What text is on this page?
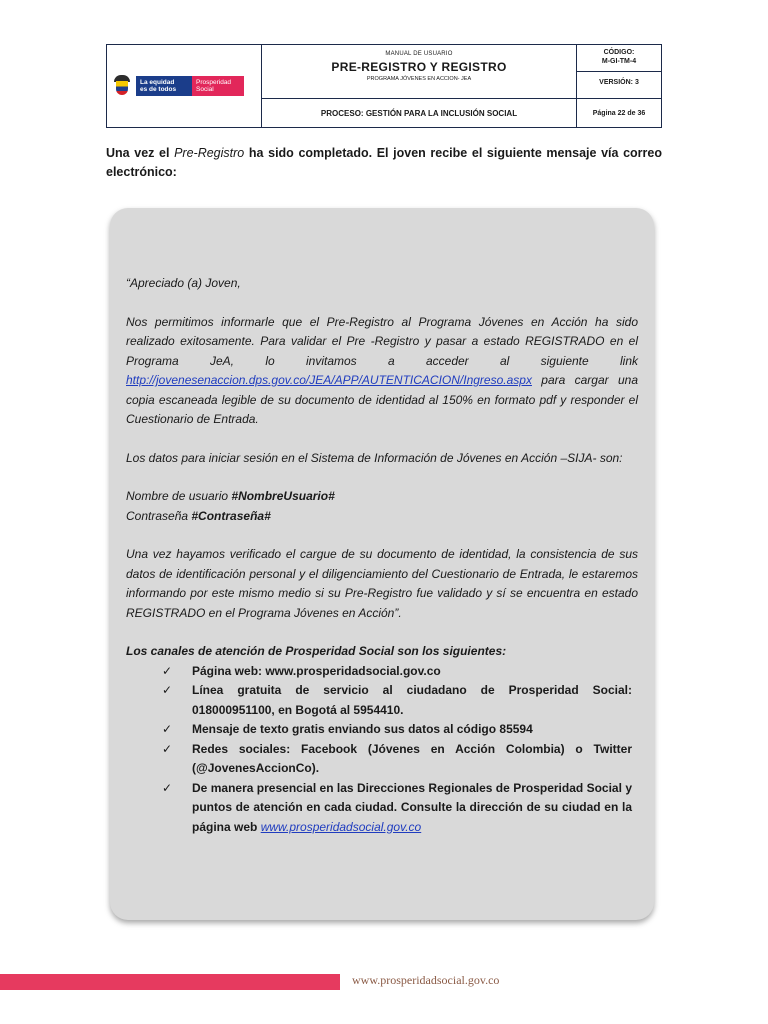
La equidad
es de todos
Prosperidad
Social
MANUAL DE USUARIO
PRE-REGISTRO Y REGISTRO
PROGRAMA JÓVENES EN ACCION- JEA
CÓDIGO:
M-GI-TM-4
VERSIÓN: 3
PROCESO: GESTIÓN PARA LA INCLUSIÓN SOCIAL	Página 22 de 36
Una vez el Pre-Registro ha sido completado. El joven recibe el siguiente mensaje vía correo electrónico:

“Apreciado (a) Joven,

Nos permitimos informarle que el Pre-Registro al Programa Jóvenes en Acción ha sido realizado exitosamente. Para validar el Pre -Registro y pasar a estado REGISTRADO en el Programa JeA, lo invitamos a acceder al siguiente link http://jovenesenaccion.dps.gov.co/JEA/APP/AUTENTICACION/Ingreso.aspx para cargar una copia escaneada legible de su documento de identidad al 150% en formato pdf y responder el Cuestionario de Entrada.

Los datos para iniciar sesión en el Sistema de Información de Jóvenes en Acción –SIJA- son:

Nombre de usuario #NombreUsuario#

Contraseña #Contraseña#

Una vez hayamos verificado el cargue de su documento de identidad, la consistencia de sus datos de identificación personal y el diligenciamiento del Cuestionario de Entrada, le estaremos informando por este mismo medio si su Pre-Registro fue validado y sí se encuentra en estado REGISTRADO en el Programa Jóvenes en Acción”.

Los canales de atención de Prosperidad Social son los siguientes:

✓ Página web: www.prosperidadsocial.gov.co
✓ Línea gratuita de servicio al ciudadano de Prosperidad Social: 018000951100, en Bogotá al 5954410.
✓ Mensaje de texto gratis enviando sus datos al código 85594
✓ Redes sociales: Facebook (Jóvenes en Acción Colombia) o Twitter (@JovenesAccionCo).
✓ De manera presencial en las Direcciones Regionales de Prosperidad Social y puntos de atención en cada ciudad. Consulte la dirección de su ciudad en la página web www.prosperidadsocial.gov.co
www.prosperidadsocial.gov.co
